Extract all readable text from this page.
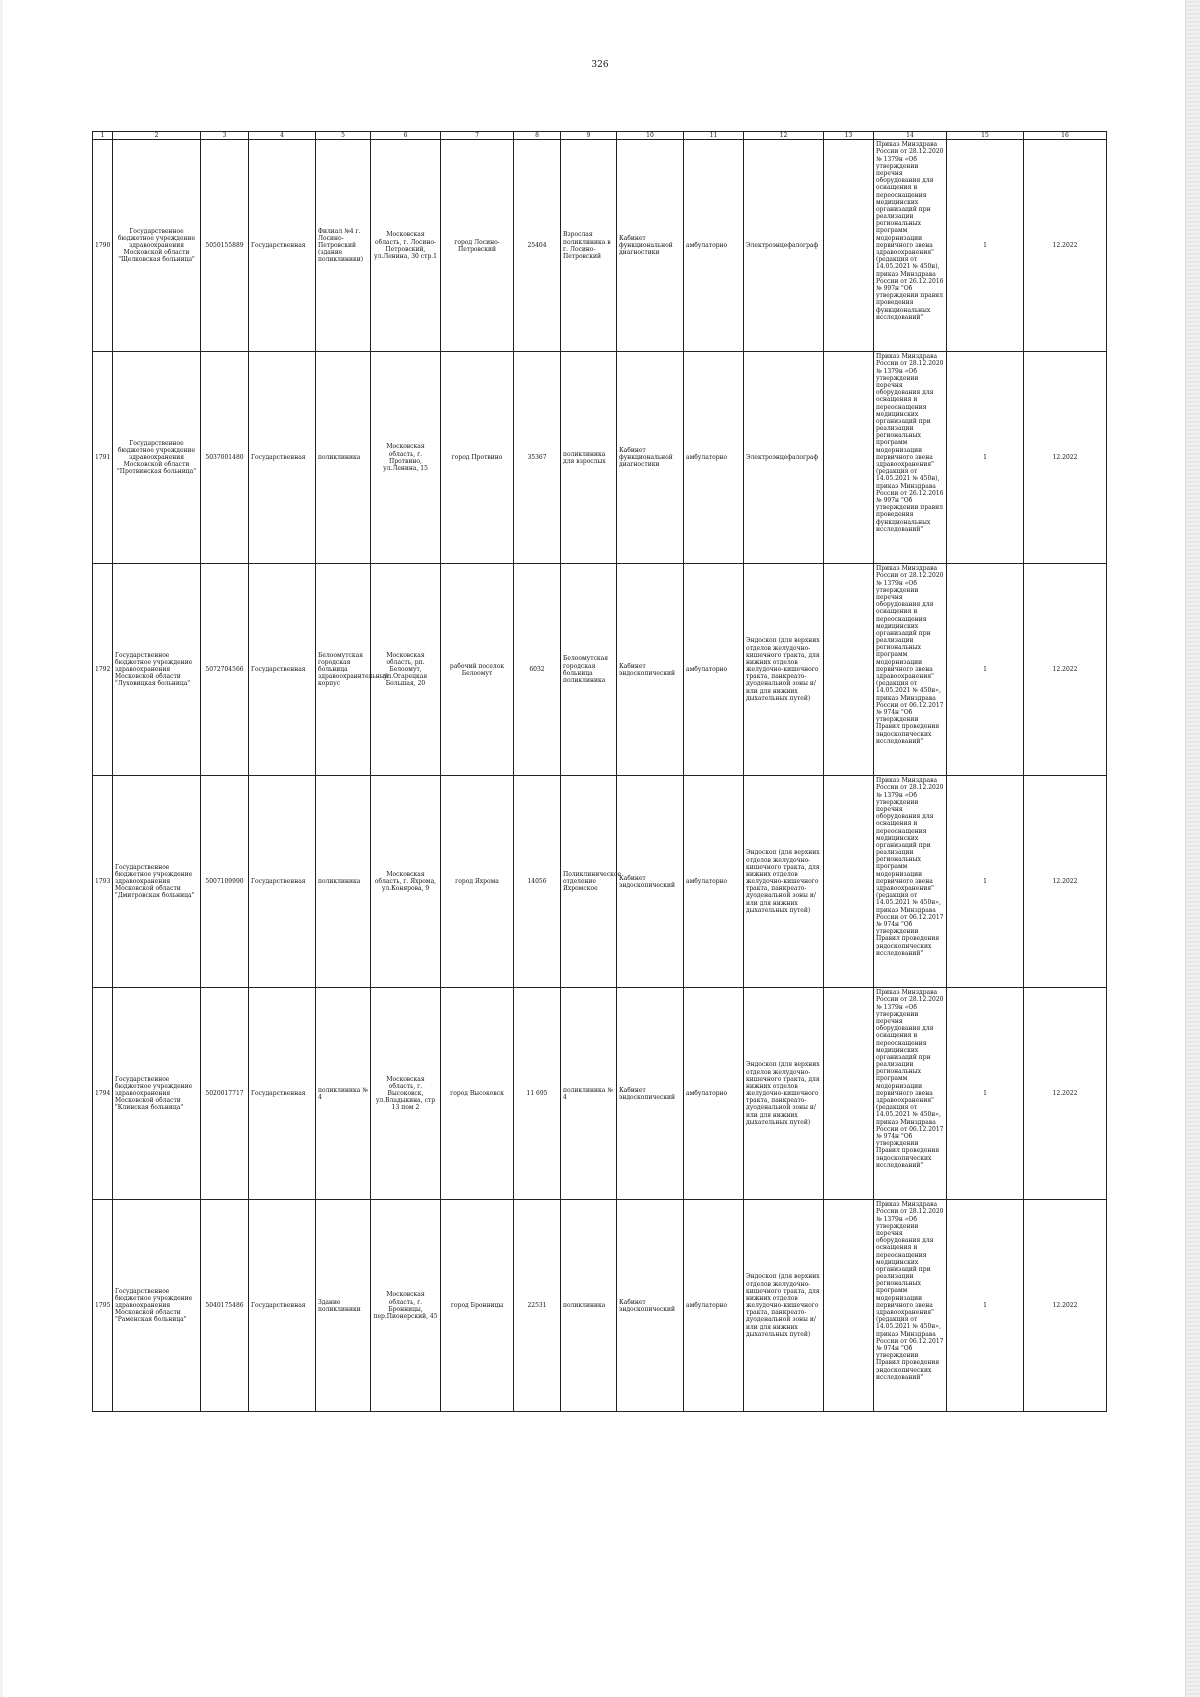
326
1	2	3	4	5	6	7	8	9	10	11	12	13	14	15	16
1790	Государственное бюджетное учреждение здравоохранения Московской области "Щелковская больница"	5050155889	Государственная	Филиал №4 г. Лосино-Петровский (здание поликлиники)	Московская область, г. Лосино-Петровский, ул.Ленина, 30 стр.1	город Лосино-Петровский	25404	Взрослая поликлиника в г. Лосино-Петровский	Кабинет функциональной диагностики	амбулаторно	Электроэнцефалограф		Приказ Минздрава России от 28.12.2020 № 1379н «Об утверждении перечня оборудования для оснащения и переоснащения медицинских организаций при реализации региональных программ модернизации первичного звена здравоохранения"(редакция от 14.05.2021 № 450н), приказ Минздрава России от 26.12.2016 № 997н "Об утверждении правил проведения функциональных исследований"	1	12.2022
1791	Государственное бюджетное учреждение здравоохранения Московской области "Протвинская больница"	5037001480	Государственная	поликлиника	Московская область, г. Протвино, ул.Ленина, 15	город Протвино	35367	поликлиника для взрослых	Кабинет функциональной диагностики	амбулаторно	Электроэнцефалограф		Приказ Минздрава России от 28.12.2020 № 1379н «Об утверждении перечня оборудования для оснащения и переоснащения медицинских организаций при реализации региональных программ модернизации первичного звена здравоохранения"(редакция от 14.05.2021 № 450н), приказ Минздрава России от 26.12.2016 № 997н "Об утверждении правил проведения функциональных исследований"	1	12.2022
1792	Государственное бюджетное учреждение здравоохранения Московской области "Луховицкая больница"	5072704566	Государственная	Белоомутская городская больница здравоохранительный корпус	Московская область, рп. Белоомут, ул.Огарецкая Большая, 20	рабочий поселок Белоомут	6032	Белоомутская городская больница поликлиника	Кабинет эндоскопический	амбулаторно	Эндоскоп (для верхних отделов желудочно-кишечного тракта, для нижних отделов желудочно-кишечного тракта, панкреато-дуоденальной зоны и/или для нижних дыхательных путей)		Приказ Минздрава России от 28.12.2020 № 1379н «Об утверждении перечня оборудования для оснащения и переоснащения медицинских организаций при реализации региональных программ модернизации первичного звена здравоохранения"(редакция от 14.05.2021 № 450н», приказ Минздрава России от 06.12.2017 № 974н "Об утверждении Правил проведения эндоскопических исследований"	1	12.2022
1793	Государственное бюджетное учреждение здравоохранения Московской области "Дмитровская больница"	5007109990	Государственная	поликлиника	Московская область, г. Яхрома, ул.Конярова, 9	город Яхрома	14056	Поликлиническое отделение Яхромское	Кабинет эндоскопический	амбулаторно	Эндоскоп (для верхних отделов желудочно-кишечного тракта, для нижних отделов желудочно-кишечного тракта, панкреато-дуоденальной зоны и/или для нижних дыхательных путей)		Приказ Минздрава России от 28.12.2020 № 1379н «Об утверждении перечня оборудования для оснащения и переоснащения медицинских организаций при реализации региональных программ модернизации первичного звена здравоохранения"(редакция от 14.05.2021 № 450н», приказ Минздрава России от 06.12.2017 № 974н "Об утверждении Правил проведения эндоскопических исследований"	1	12.2022
1794	Государственное бюджетное учреждение здравоохранения Московской области "Клинская больница"	5020017717	Государственная	поликлиника № 4	Московская область, г. Высоковск, ул.Владыкина, стр 13 пом 2	город Высоковск	11 695	поликлиника № 4	Кабинет эндоскопический	амбулаторно	Эндоскоп (для верхних отделов желудочно-кишечного тракта, для нижних отделов желудочно-кишечного тракта, панкреато-дуоденальной зоны и/или для нижних дыхательных путей)		Приказ Минздрава России от 28.12.2020 № 1379н «Об утверждении перечня оборудования для оснащения и переоснащения медицинских организаций при реализации региональных программ модернизации первичного звена здравоохранения"(редакция от 14.05.2021 № 450н», приказ Минздрава России от 06.12.2017 № 974н "Об утверждении Правил проведения эндоскопических исследований"	1	12.2022
1795	Государственное бюджетное учреждение здравоохранения Московской области "Раменская больница"	5040175486	Государственная	Здание поликлиники	Московская область, г. Бронницы, пер.Пионерский, 45	город Бронницы	22531	поликлиника	Кабинет эндоскопический	амбулаторно	Эндоскоп (для верхних отделов желудочно-кишечного тракта, для нижних отделов желудочно-кишечного тракта, панкреато-дуоденальной зоны и/или для нижних дыхательных путей)		Приказ Минздрава России от 28.12.2020 № 1379н «Об утверждении перечня оборудования для оснащения и переоснащения медицинских организаций при реализации региональных программ модернизации первичного звена здравоохранения"(редакция от 14.05.2021 № 450н», приказ Минздрава России от 06.12.2017 № 974н "Об утверждении Правил проведения эндоскопических исследований"	1	12.2022
